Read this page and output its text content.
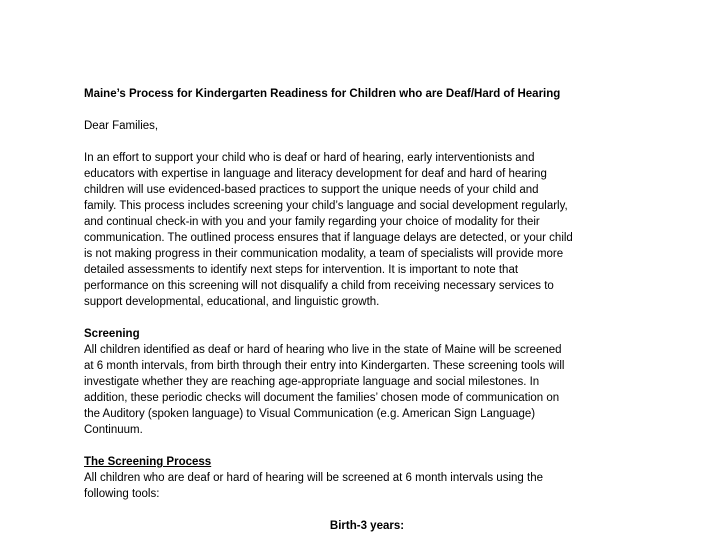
Maine’s Process for Kindergarten Readiness for Children who are Deaf/Hard of Hearing
Dear Families,
In an effort to support your child who is deaf or hard of hearing, early interventionists and
educators with expertise in language and literacy development for deaf and hard of hearing
children will use evidenced-based practices to support the unique needs of your child and
family. This process includes screening your child’s language and social development regularly,
and continual check-in with you and your family regarding your choice of modality for their
communication. The outlined process ensures that if language delays are detected, or your child
is not making progress in their communication modality, a team of specialists will provide more
detailed assessments to identify next steps for intervention. It is important to note that
performance on this screening will not disqualify a child from receiving necessary services to
support developmental, educational, and linguistic growth.
Screening
All children identified as deaf or hard of hearing who live in the state of Maine will be screened
at 6 month intervals, from birth through their entry into Kindergarten. These screening tools will
investigate whether they are reaching age-appropriate language and social milestones. In
addition, these periodic checks will document the families’ chosen mode of communication on
the Auditory (spoken language) to Visual Communication (e.g. American Sign Language)
Continuum.
The Screening Process
All children who are deaf or hard of hearing will be screened at 6 month intervals using the
following tools:
Birth-3 years:
